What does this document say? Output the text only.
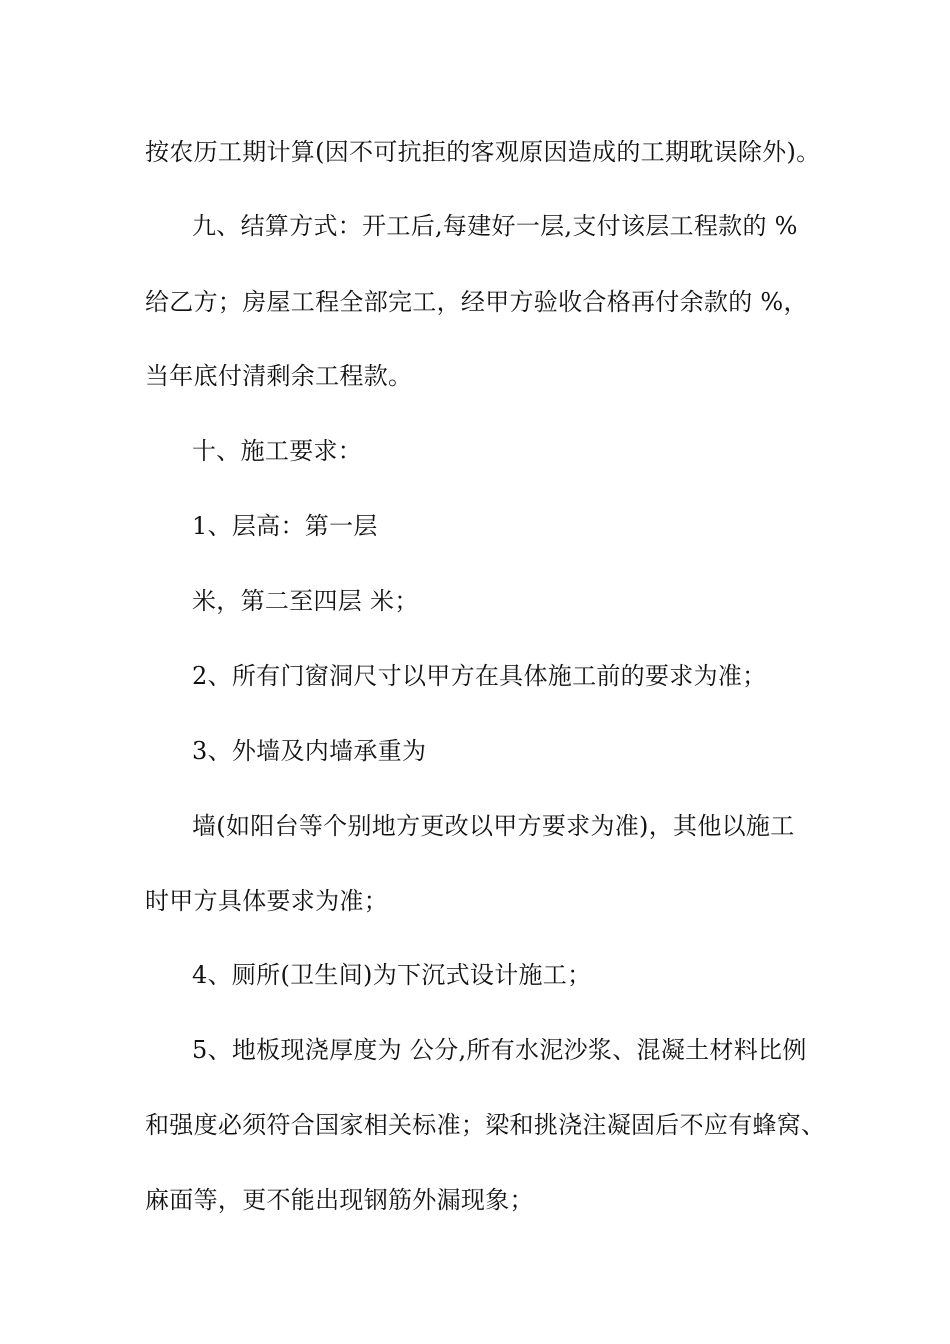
按农历工期计算(因不可抗拒的客观原因造成的工期耽误除外)。
九、结算方式：开工后,每建好一层,支付该层工程款的 %
给乙方；房屋工程全部完工，经甲方验收合格再付余款的 %，
当年底付清剩余工程款。
十、施工要求：
1、层高：第一层
米，第二至四层 米；
2、所有门窗洞尺寸以甲方在具体施工前的要求为准；
3、外墙及内墙承重为
墙(如阳台等个别地方更改以甲方要求为准)，其他以施工
时甲方具体要求为准；
4、厕所(卫生间)为下沉式设计施工；
5、地板现浇厚度为 公分,所有水泥沙浆、混凝土材料比例
和强度必须符合国家相关标准；梁和挑浇注凝固后不应有蜂窝、
麻面等，更不能出现钢筋外漏现象；
